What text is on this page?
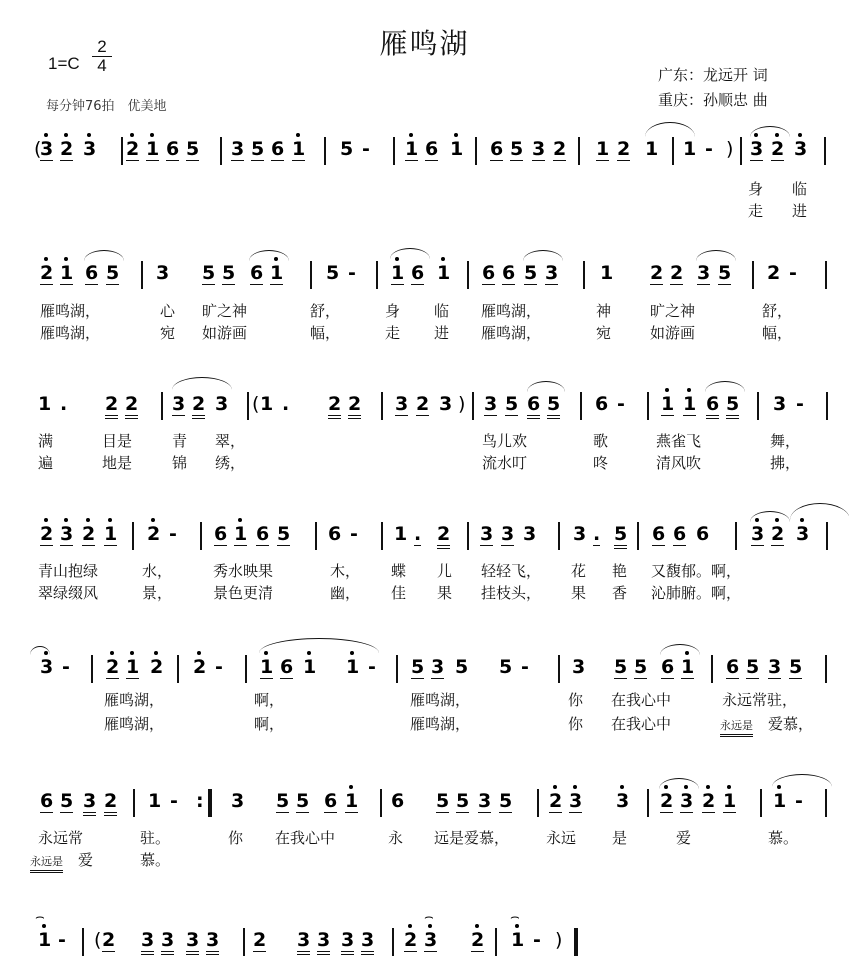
雁鸣湖
1=C
2
4
每分钟76拍　优美地
广东：龙远开 词
重庆：孙顺忠 曲
(
3 2 3 2 1 6 5 3 5 6 1 5 - 1 6 1 6 5 3 2 1 2 1 1 - ) 3 2 3
身 临
走 进
2 1 6 5 3 5 5 6 1 5 - 1 6 1 6 6 5 3 1 2 2 3 5 2 -
雁鸣湖，	心 旷之神	舒，	身 临 雁鸣湖，	神	旷之神	舒，
雁鸣湖，	宛 如游画	幅，	走 进 雁鸣湖，	宛	如游画	幅，
1 . 2 2 3 2 3 ( 1 . 2 2 3 2 3 ) 3 5 6 5 6 - 1 1 6 5 3 -
满	目是	青 翠，	鸟儿欢	歌	燕雀飞	舞，
遍	地是	锦 绣，	流水叮	咚	清风吹	拂，
2 3 2 1 2 - 6 1 6 5 6 - 1 . 2 3 3 3 3 . 5 6 6 6 3 2 3
青山抱绿	水，	秀水映果	木， 蝶 儿 轻轻飞， 花 艳 又馥郁。啊，
翠绿缀风	景，	景色更清	幽， 佳 果 挂枝头， 果 香 沁肺腑。啊，
3 - 2 1 2 2 - 1 6 1 1 - 5 3 5 5 - 3 5 5 6 1 6 5 3 5
雁鸣湖，	啊，	雁鸣湖，	你 在我心中	永远常驻，
雁鸣湖，	啊，	雁鸣湖，	你 在我心中	永远是 爱慕，
6 5 3 2 1 - : 3 5 5 6 1 6 5 5 3 5 2 3 3 2 3 2 1 1 -
永远常	驻。	你 在我心中	永 远是爱慕， 永远 是	爱	慕。
永远是 爱	慕。
1 - ( 2 3 3 3 3 2 3 3 3 3 2 3 2 1 - )
⌢	⌢	⌢
